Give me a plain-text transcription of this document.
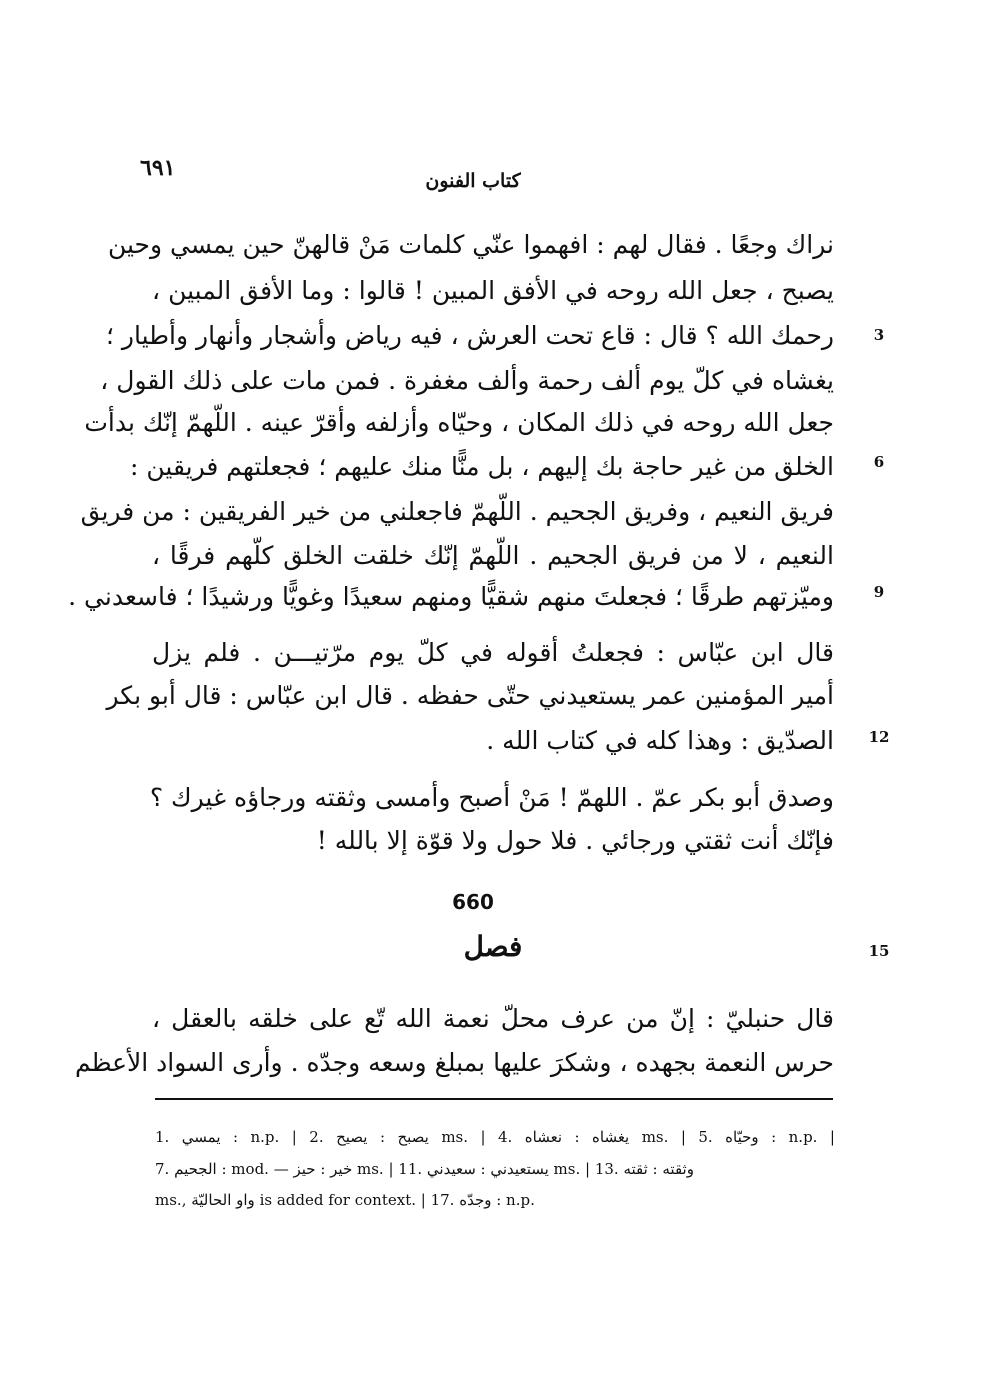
٦٩١	كتاب الفنون
نراك وجعًا . فقال لهم : افهموا عنّي كلمات مَنْ قالهنّ حين يمسي وحين
يصبح ، جعل الله روحه في الأفق المبين ! قالوا : وما الأفق المبين ،
رحمك الله ؟ قال : قاع تحت العرش ، فيه رياض وأشجار وأنهار وأطيار ؛
يغشاه في كلّ يوم ألف رحمة وألف مغفرة . فمن مات على ذلك القول ،
جعل الله روحه في ذلك المكان ، وحيّاه وأزلفه وأقرّ عينه . اللّهمّ إنّك بدأت
الخلق من غير حاجة بك إليهم ، بل منًّا منك عليهم ؛ فجعلتهم فريقين :
فريق النعيم ، وفريق الجحيم . اللّهمّ فاجعلني من خير الفريقين : من فريق
النعيم ، لا من فريق الجحيم . اللّهمّ إنّك خلقت الخلق كلّهم فرقًا ،
وميّزتهم طرقًا ؛ فجعلتَ منهم شقيًّا ومنهم سعيدًا وغويًّا ورشيدًا ؛ فاسعدني .
قال ابن عبّاس : فجعلتُ أقوله في كلّ يوم مرّتيـــن . فلم يزل
أمير المؤمنين عمر يستعيدني حتّى حفظه . قال ابن عبّاس : قال أبو بكر
الصدّيق : وهذا كله في كتاب الله .
وصدق أبو بكر عمّ . اللهمّ ! مَنْ أصبح وأمسى وثقته ورجاؤه غيرك ؟
فإنّك أنت ثقتي ورجائي . فلا حول ولا قوّة إلا بالله !
660
فصل
قال حنبليّ : إنّ من عرف محلّ نعمة الله تّع على خلقه بالعقل ،
حرس النعمة بجهده ، وشكرَ عليها بمبلغ وسعه وجدّه . وأرى السواد الأعظم
3
6
9
12
15
1. يمسي : n.p. | 2. يصبح : يصيح ms. | 4. يغشاه : نعشاه ms. | 5. وحيّاه : n.p. |
7. الجحيم : mod. — خير : حيز ms. | 11. يستعيدني : سعيدني ms. | 13. وثقته : ثقته
ms., واو الحاليّة is added for context. | 17. وجدّه : n.p.
